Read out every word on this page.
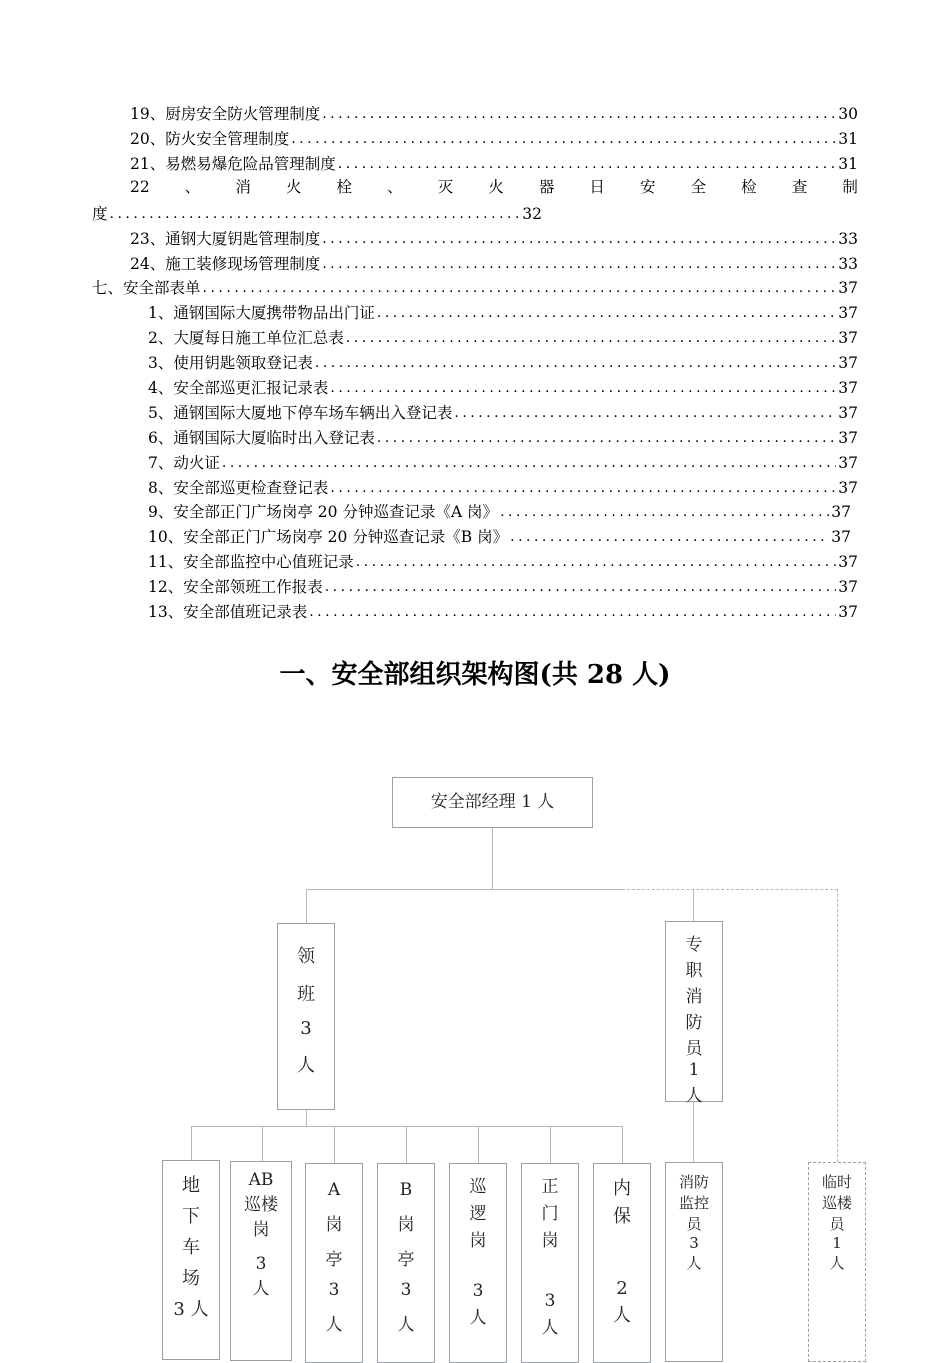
19、厨房安全防火管理制度 .....	30
20、防火安全管理制度 .....	31
21、易燃易爆危险品管理制度 .....	31
22 、 消 火 栓 、 灭 火 器 日 安 全 检 查 制
度 .....	32
23、通钢大厦钥匙管理制度 .....	33
24、施工装修现场管理制度 .....	33
七、安全部表单 .....	37
1、通钢国际大厦携带物品出门证 .....	37
2、大厦每日施工单位汇总表 .....	37
3、使用钥匙领取登记表 .....	37
4、安全部巡更汇报记录表 .....	37
5、通钢国际大厦地下停车场车辆出入登记表 .....	37
6、通钢国际大厦临时出入登记表 .....	37
7、动火证 .....	37
8、安全部巡更检查登记表 .....	37
9、安全部正门广场岗亭 20 分钟巡查记录《A 岗》 .....	37
10、安全部正门广场岗亭 20 分钟巡查记录《B 岗》 .....	37
11、安全部监控中心值班记录 .....	37
12、安全部领班工作报表 .....	37
13、安全部值班记录表 .....	37
一、安全部组织架构图(共 28 人)
安全部经理 1 人
领
班
3
人
专
职
消
防
员
1
人
地
下
车
场
3 人
AB
巡楼
岗
3
人
A
岗
亭
3
人
B
岗
亭
3
人
巡
逻
岗
3
人
正
门
岗
3
人
内
保
2
人
消防
监控
员
3
人
临时
巡楼
员
1
人
